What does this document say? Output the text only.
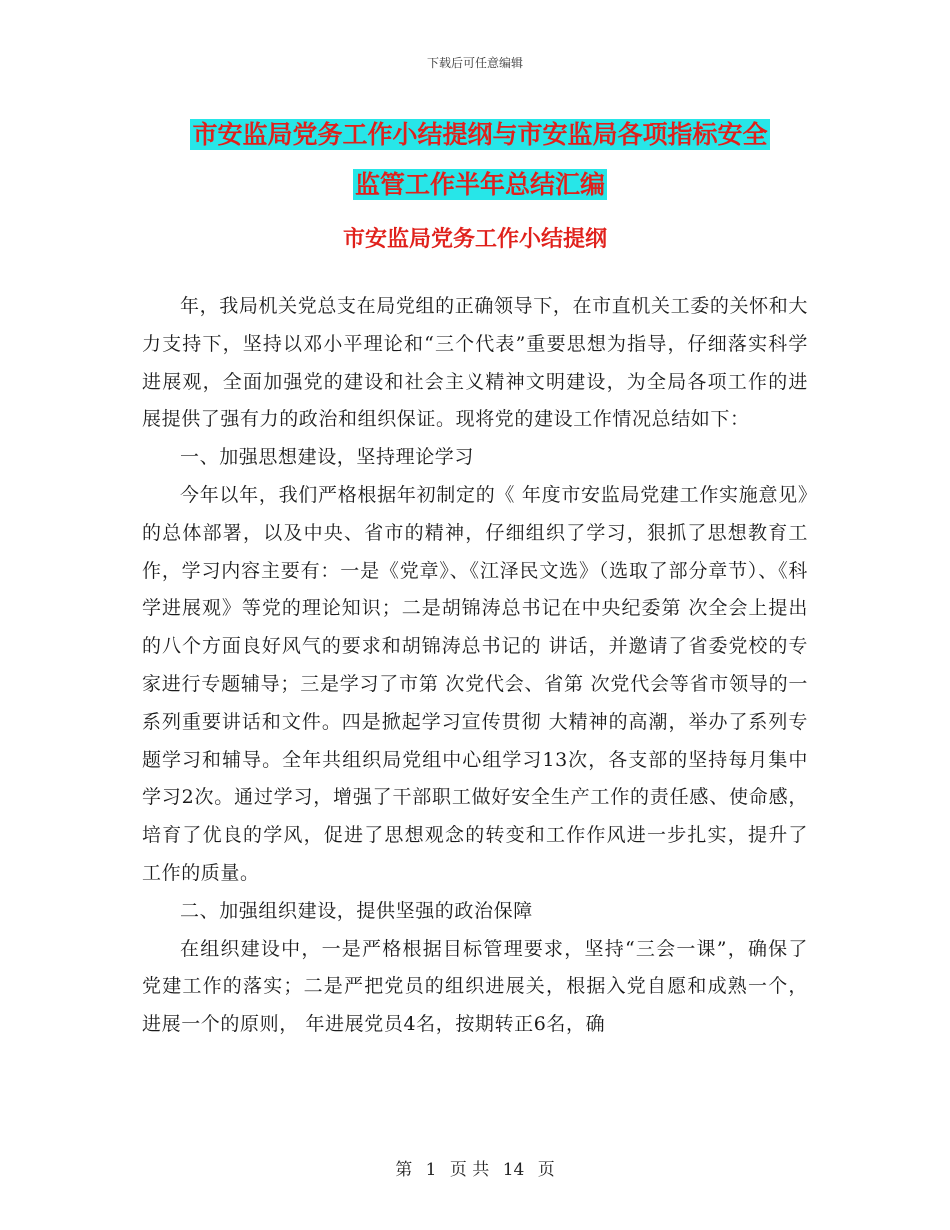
下载后可任意编辑
市安监局党务工作小结提纲与市安监局各项指标安全
监管工作半年总结汇编
市安监局党务工作小结提纲

年，我局机关党总支在局党组的正确领导下，在市直机关工委的关怀和大力支持下，坚持以邓小平理论和“三个代表”重要思想为指导，仔细落实科学进展观，全面加强党的建设和社会主义精神文明建设，为全局各项工作的进展提供了强有力的政治和组织保证。现将党的建设工作情况总结如下：

一、加强思想建设，坚持理论学习

今年以年，我们严格根据年初制定的《 年度市安监局党建工作实施意见》的总体部署，以及中央、省市的精神，仔细组织了学习，狠抓了思想教育工作，学习内容主要有：一是《党章》、《江泽民文选》（选取了部分章节）、《科学进展观》等党的理论知识；二是胡锦涛总书记在中央纪委第 次全会上提出的八个方面良好风气的要求和胡锦涛总书记的 讲话，并邀请了省委党校的专家进行专题辅导；三是学习了市第 次党代会、省第 次党代会等省市领导的一系列重要讲话和文件。四是掀起学习宣传贯彻 大精神的高潮，举办了系列专题学习和辅导。全年共组织局党组中心组学习13次，各支部的坚持每月集中学习2次。通过学习，增强了干部职工做好安全生产工作的责任感、使命感，培育了优良的学风，促进了思想观念的转变和工作作风进一步扎实，提升了工作的质量。

二、加强组织建设，提供坚强的政治保障

在组织建设中，一是严格根据目标管理要求，坚持“三会一课”，确保了党建工作的落实；二是严把党员的组织进展关，根据入党自愿和成熟一个，进展一个的原则， 年进展党员4名，按期转正6名，确

第 1 页 共 14 页
